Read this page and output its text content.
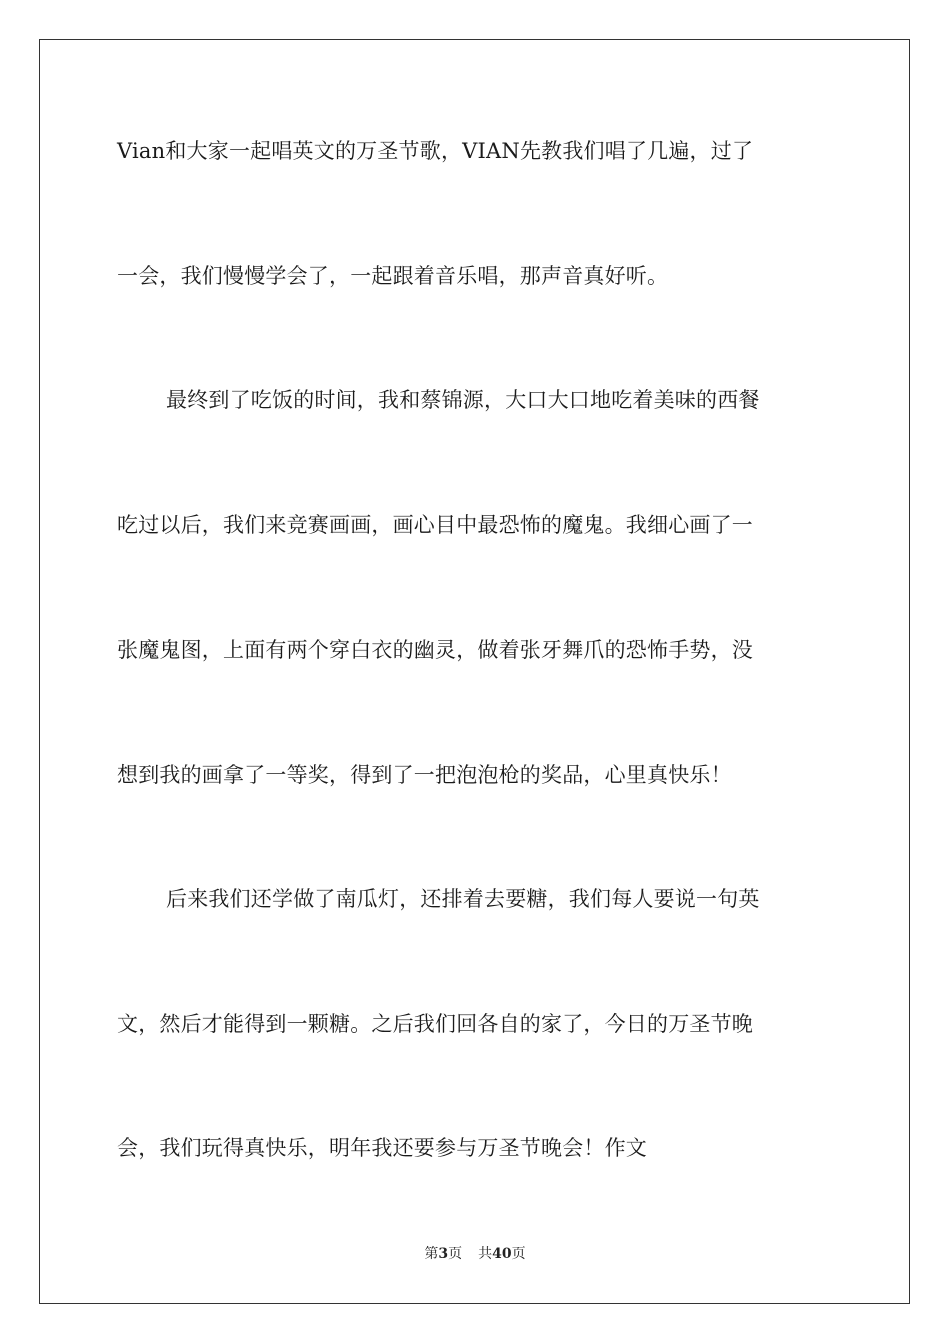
Vian和大家一起唱英文的万圣节歌，VIAN先教我们唱了几遍，过了
一会，我们慢慢学会了，一起跟着音乐唱，那声音真好听。
最终到了吃饭的时间，我和蔡锦源，大口大口地吃着美味的西餐
吃过以后，我们来竞赛画画，画心目中最恐怖的魔鬼。我细心画了一
张魔鬼图，上面有两个穿白衣的幽灵，做着张牙舞爪的恐怖手势，没
想到我的画拿了一等奖，得到了一把泡泡枪的奖品，心里真快乐！
后来我们还学做了南瓜灯，还排着去要糖，我们每人要说一句英
文，然后才能得到一颗糖。之后我们回各自的家了，今日的万圣节晚
会，我们玩得真快乐，明年我还要参与万圣节晚会！作文
第3页 共40页
